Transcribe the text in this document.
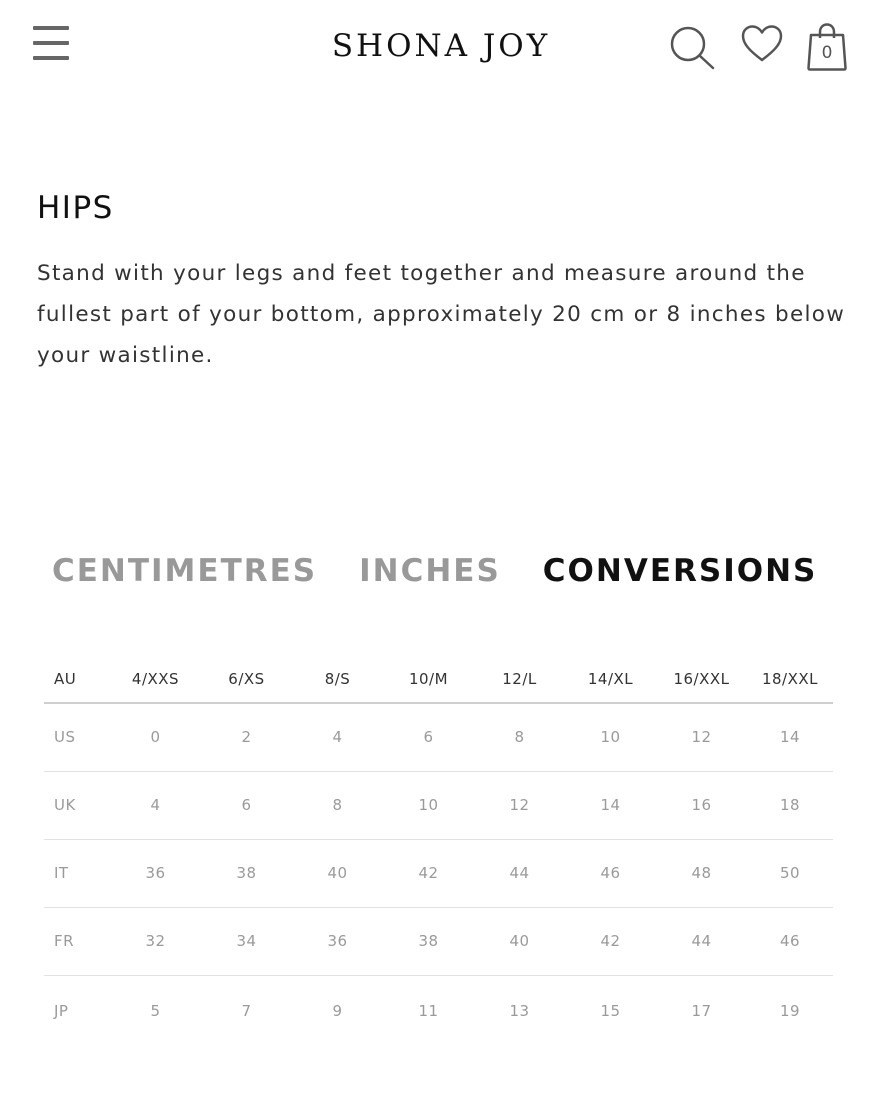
SHONA JOY	0
HIPS

Stand with your legs and feet together and measure around the fullest part of your bottom, approximately 20 cm or 8 inches below your waistline.

CENTIMETRES INCHES CONVERSIONS
AU	4/XXS	6/XS	8/S	10/M	12/L	14/XL	16/XXL	18/XXL
US	0	2	4	6	8	10	12	14
UK	4	6	8	10	12	14	16	18
IT	36	38	40	42	44	46	48	50
FR	32	34	36	38	40	42	44	46
JP	5	7	9	11	13	15	17	19
